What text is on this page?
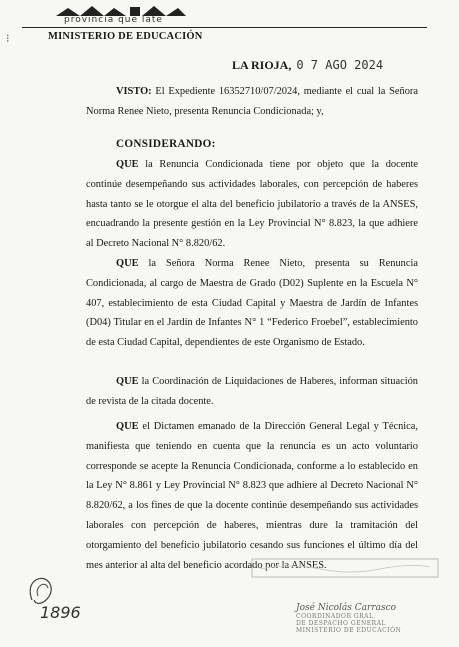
provincia que late
⁝	MINISTERIO DE EDUCACIÓN
LA RIOJA, 0 7 AGO 2024
VISTO: El Expediente 16352710/07/2024, mediante el cual la Señora Norma Renee Nieto, presenta Renuncia Condicionada; y,
CONSIDERANDO:
QUE la Renuncia Condicionada tiene por objeto que la docente continúe desempeñando sus actividades laborales, con percepción de haberes hasta tanto se le otorgue el alta del beneficio jubilatorio a través de la ANSES, encuadrando la presente gestión en la Ley Provincial N° 8.823, la que adhiere al Decreto Nacional N° 8.820/62.
QUE la Señora Norma Renee Nieto, presenta su Renuncia Condicionada, al cargo de Maestra de Grado (D02) Suplente en la Escuela N° 407, establecimiento de esta Ciudad Capital y Maestra de Jardín de Infantes (D04) Titular en el Jardín de Infantes N° 1 “Federico Froebel”, establecimiento de esta Ciudad Capital, dependientes de este Organismo de Estado.
QUE la Coordinación de Liquidaciones de Haberes, informan situación de revista de la citada docente.
QUE el Dictamen emanado de la Dirección General Legal y Técnica, manifiesta que teniendo en cuenta que la renuncia es un acto voluntario corresponde se acepte la Renuncia Condicionada, conforme a lo establecido en la Ley N° 8.861 y Ley Provincial N° 8.823 que adhiere al Decreto Nacional N° 8.820/62, a los fines de que la docente continúe desempeñando sus actividades laborales con percepción de haberes, mientras dure la tramitación del otorgamiento del beneficio jubilatorio cesando sus funciones el último día del mes anterior al alta del beneficio acordado por la ANSES.
1896	José Nicolás Carrasco
COORDINADOR GRAL.
DE DESPACHO GENERAL
MINISTERIO DE EDUCACIÓN
